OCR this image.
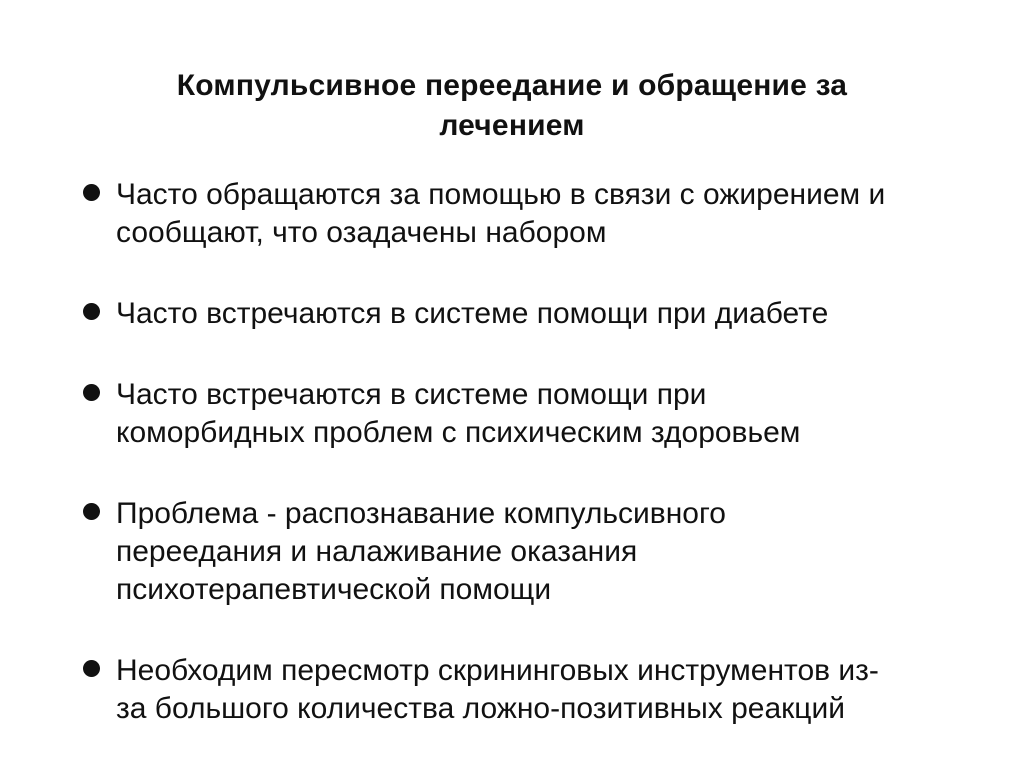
Компульсивное переедание и обращение за
лечением
Часто обращаются за помощью в связи с ожирением и
сообщают, что озадачены набором
Часто встречаются в системе помощи при диабете
Часто встречаются в системе помощи при
коморбидных проблем с психическим здоровьем
Проблема - распознавание компульсивного
переедания и налаживание оказания
психотерапевтической помощи
Необходим пересмотр скрининговых инструментов из-
за большого количества ложно-позитивных реакций
